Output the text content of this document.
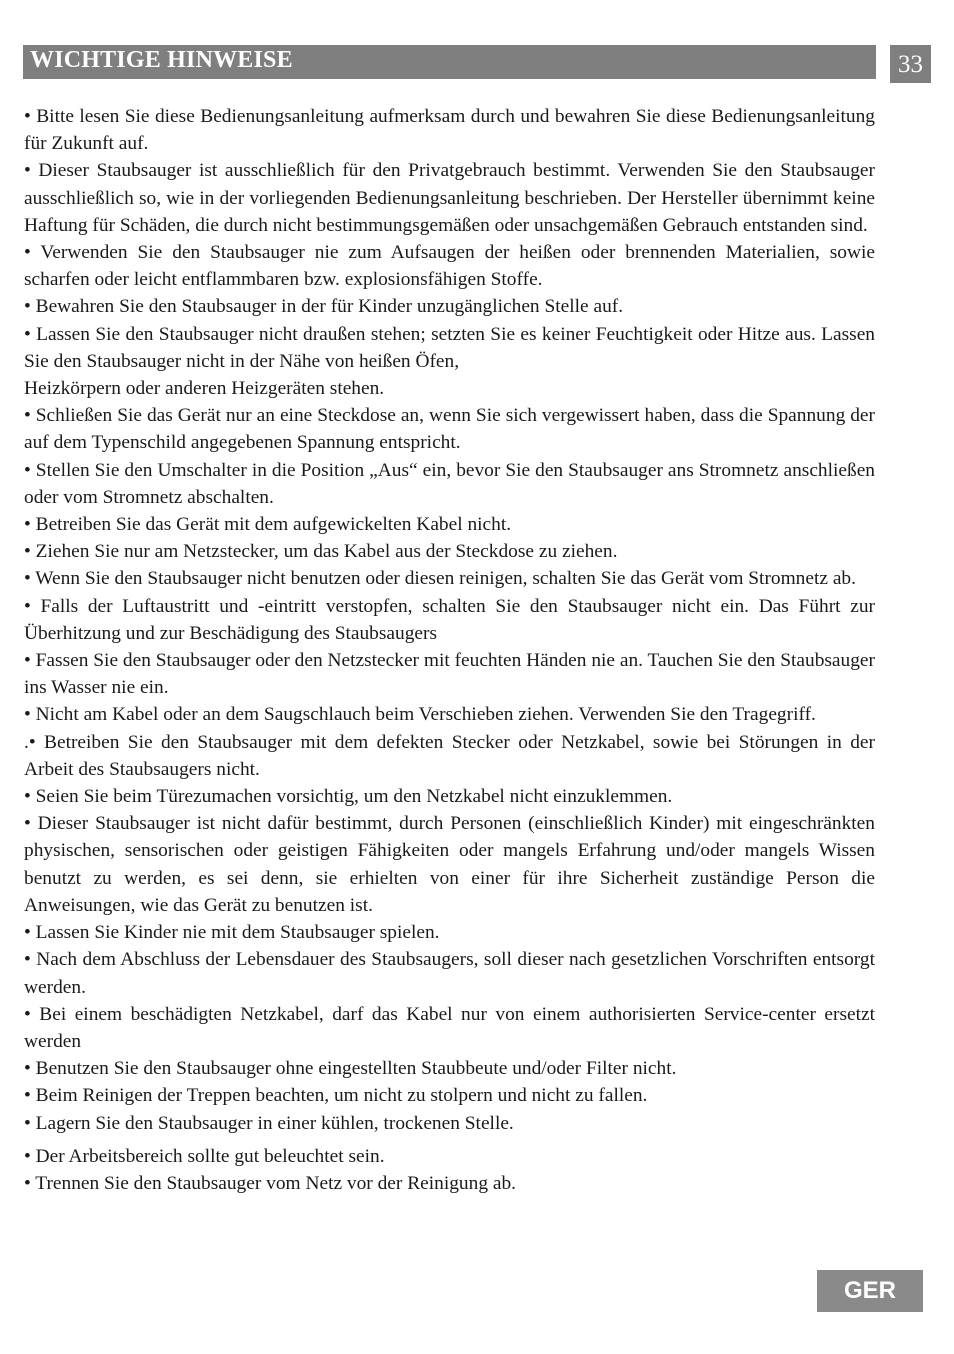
WICHTIGE HINWEISE	33

• Bitte lesen Sie diese Bedienungsanleitung aufmerksam durch und bewahren Sie diese Bedienungsanleitung für Zukunft auf.

• Dieser Staubsauger ist ausschließlich für den Privatgebrauch bestimmt. Verwenden Sie den Staubsauger ausschließlich so, wie in der vorliegenden Bedienungsanleitung beschrieben. Der Hersteller übernimmt keine Haftung für Schäden, die durch nicht bestimmungsgemäßen oder unsachgemäßen Gebrauch entstanden sind.

• Verwenden Sie den Staubsauger nie zum Aufsaugen der heißen oder brennenden Materialien, sowie scharfen oder leicht entflammbaren bzw. explosionsfähigen Stoffe.

• Bewahren Sie den Staubsauger in der für Kinder unzugänglichen Stelle auf.

• Lassen Sie den Staubsauger nicht draußen stehen; setzten Sie es keiner Feuchtigkeit oder Hitze aus. Lassen Sie den Staubsauger nicht in der Nähe von heißen Öfen,

Heizkörpern oder anderen Heizgeräten stehen.

• Schließen Sie das Gerät nur an eine Steckdose an, wenn Sie sich vergewissert haben, dass die Spannung der auf dem Typenschild angegebenen Spannung entspricht.

• Stellen Sie den Umschalter in die Position „Aus“ ein, bevor Sie den Staubsauger ans Stromnetz anschließen oder vom Stromnetz abschalten.

• Betreiben Sie das Gerät mit dem aufgewickelten Kabel nicht.

• Ziehen Sie nur am Netzstecker, um das Kabel aus der Steckdose zu ziehen.

• Wenn Sie den Staubsauger nicht benutzen oder diesen reinigen, schalten Sie das Gerät vom Stromnetz ab.

• Falls der Luftaustritt und -eintritt verstopfen, schalten Sie den Staubsauger nicht ein. Das Führt zur Überhitzung und zur Beschädigung des Staubsaugers

• Fassen Sie den Staubsauger oder den Netzstecker mit feuchten Händen nie an. Tauchen Sie den Staubsauger ins Wasser nie ein.

• Nicht am Kabel oder an dem Saugschlauch beim Verschieben ziehen. Verwenden Sie den Tragegriff.

.• Betreiben Sie den Staubsauger mit dem defekten Stecker oder Netzkabel, sowie bei Störungen in der Arbeit des Staubsaugers nicht.

• Seien Sie beim Türezumachen vorsichtig, um den Netzkabel nicht einzuklemmen.

• Dieser Staubsauger ist nicht dafür bestimmt, durch Personen (einschließlich Kinder) mit eingeschränkten physischen, sensorischen oder geistigen Fähigkeiten oder mangels Erfahrung und/oder mangels Wissen benutzt zu werden, es sei denn, sie erhielten von einer für ihre Sicherheit zuständige Person die Anweisungen, wie das Gerät zu benutzen ist.

• Lassen Sie Kinder nie mit dem Staubsauger spielen.

• Nach dem Abschluss der Lebensdauer des Staubsaugers, soll dieser nach gesetzlichen Vorschriften entsorgt werden.

• Bei einem beschädigten Netzkabel, darf das Kabel nur von einem authorisierten Service-center ersetzt werden

• Benutzen Sie den Staubsauger ohne eingestellten Staubbeute und/oder Filter nicht.

• Beim Reinigen der Treppen beachten, um nicht zu stolpern und nicht zu fallen.

• Lagern Sie den Staubsauger in einer kühlen, trockenen Stelle.

• Der Arbeitsbereich sollte gut beleuchtet sein.

• Trennen Sie den Staubsauger vom Netz vor der Reinigung ab.

GER
